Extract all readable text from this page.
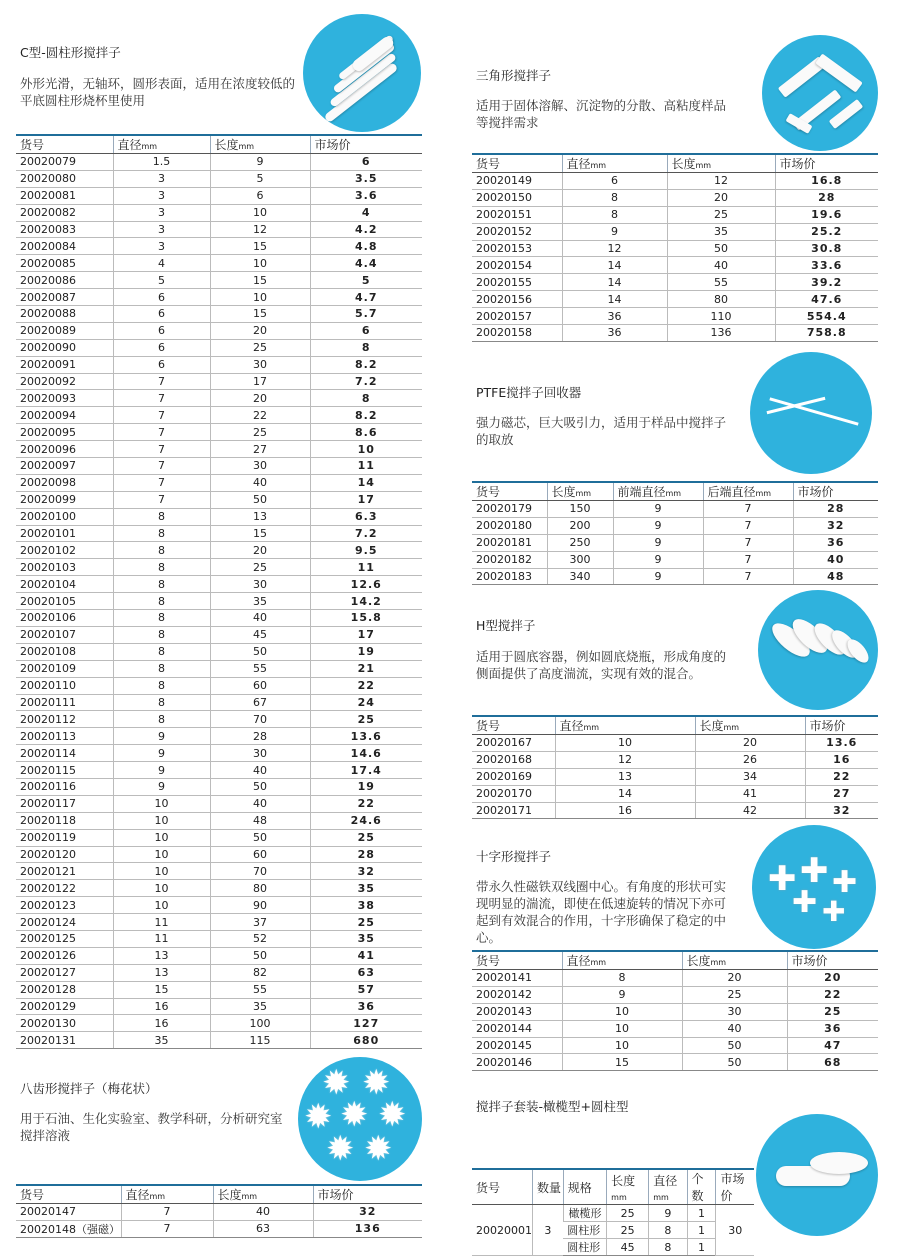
C型-圆柱形搅拌子
外形光滑，无轴环，圆形表面，适用在浓度较低的平底圆柱形烧杯里使用
货号	直径mm	长度mm	市场价
20020079	1.5	9	6
20020080	3	5	3.5
20020081	3	6	3.6
20020082	3	10	4
20020083	3	12	4.2
20020084	3	15	4.8
20020085	4	10	4.4
20020086	5	15	5
20020087	6	10	4.7
20020088	6	15	5.7
20020089	6	20	6
20020090	6	25	8
20020091	6	30	8.2
20020092	7	17	7.2
20020093	7	20	8
20020094	7	22	8.2
20020095	7	25	8.6
20020096	7	27	10
20020097	7	30	11
20020098	7	40	14
20020099	7	50	17
20020100	8	13	6.3
20020101	8	15	7.2
20020102	8	20	9.5
20020103	8	25	11
20020104	8	30	12.6
20020105	8	35	14.2
20020106	8	40	15.8
20020107	8	45	17
20020108	8	50	19
20020109	8	55	21
20020110	8	60	22
20020111	8	67	24
20020112	8	70	25
20020113	9	28	13.6
20020114	9	30	14.6
20020115	9	40	17.4
20020116	9	50	19
20020117	10	40	22
20020118	10	48	24.6
20020119	10	50	25
20020120	10	60	28
20020121	10	70	32
20020122	10	80	35
20020123	10	90	38
20020124	11	37	25
20020125	11	52	35
20020126	13	50	41
20020127	13	82	63
20020128	15	55	57
20020129	16	35	36
20020130	16	100	127
20020131	35	115	680
八齿形搅拌子（梅花状）
用于石油、生化实验室、教学科研，分析研究室搅拌溶液
✹ ✹
✹ ✹ ✹
✹ ✹
货号	直径mm	长度mm	市场价
20020147	7	40	32
20020148（强磁）	7	63	136
三角形搅拌子
适用于固体溶解、沉淀物的分散、高粘度样品等搅拌需求
货号	直径mm	长度mm	市场价
20020149	6	12	16.8
20020150	8	20	28
20020151	8	25	19.6
20020152	9	35	25.2
20020153	12	50	30.8
20020154	14	40	33.6
20020155	14	55	39.2
20020156	14	80	47.6
20020157	36	110	554.4
20020158	36	136	758.8
PTFE搅拌子回收器
强力磁芯，巨大吸引力，适用于样品中搅拌子的取放
货号	长度mm	前端直径mm	后端直径mm	市场价
20020179	150	9	7	28
20020180	200	9	7	32
20020181	250	9	7	36
20020182	300	9	7	40
20020183	340	9	7	48
H型搅拌子
适用于圆底容器，例如圆底烧瓶，形成角度的侧面提供了高度湍流，实现有效的混合。
货号	直径mm	长度mm	市场价
20020167	10	20	13.6
20020168	12	26	16
20020169	13	34	22
20020170	14	41	27
20020171	16	42	32
十字形搅拌子
带永久性磁铁双线圈中心。有角度的形状可实现明显的湍流，即使在低速旋转的情况下亦可起到有效混合的作用，十字形确保了稳定的中心。
✚ ✚ ✚
✚ ✚
货号	直径mm	长度mm	市场价
20020141	8	20	20
20020142	9	25	22
20020143	10	30	25
20020144	10	40	36
20020145	10	50	47
20020146	15	50	68
搅拌子套装-橄榄型+圆柱型
货号	数量	规格	长度mm	直径mm	个数	市场价
20020001	3	橄榄形	25	9	1	30
		圆柱形	25	8	1	
		圆柱形	45	8	1	
